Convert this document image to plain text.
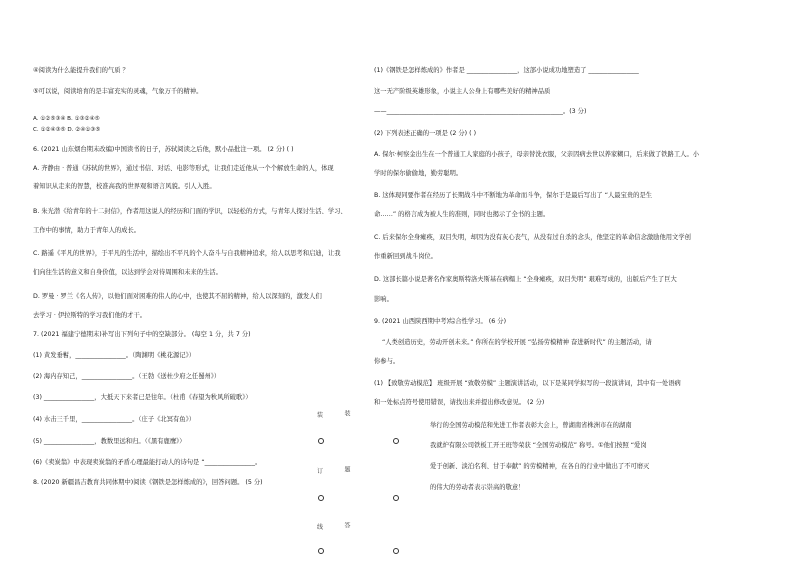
④阅读为什么能提升我们的气质 ？
⑤可以说，阅读培育的是丰富充实的灵魂，气象万千的精神。
A. ①②⑤③④ B. ①③②④⑤
C. ①②④③⑤ D. ②④①③⑤
6. (2021 山东烟台期末改编)中国读书的日子，苏轼阅读之后他，默小品批注一项。 (2 分) ( )
A. 齐静由 · 普通《苏轼的世界》，通过书信、对话、电影等形式，让我们走近他从一个个解放生命的人，体现
着知识从走来的智慧，校准高我的世界观和语言风貌。引人入胜。
B. 朱光潜《给青年的十二封信》，作者用这说人的经历和门面的学识，以轻松的方式，与青年人探讨生活、学习、
工作中的事情，助力于青年人的成长。
C. 路遥《平凡的世界》，于平凡的生活中，描绘出不平凡的个人奋斗与自我精神追求，给人以思考和启迪，让我
们向往生活的意义和自身价值，以达到学会对待周围和未来的生活。
D. 罗曼 · 罗兰《名人传》，以他们面对困难的伟人的心中，也使其不屈的精神，给人以深刻的，激发人们
去学习 · 伊拉斯特的学习我们他的才干。
7. (2021 福建宁德期末)补写出下列句子中的空缺部分。 (每空 1 分，共 7 分)
(1) 黄发垂髫，________________。（陶渊明《桃花源记》）
(2) 海内存知己，________________。（王勃《送杜少府之任蜀州》）
(3) ________________，大抵天下来者已是往年。（杜甫《春望为秋风所破歌》）
(4) 水击三千里，________________。（庄子《北冥有鱼》）
(5) ________________，教数里远和归。（《黑有鹿鹰》）
(6)《卖炭翁》中表现卖炭翁的矛盾心理最能打动人的诗句是 “________________。
8. (2020 新疆昌吉教育共同体期中)阅读《钢铁是怎样炼成的》，回答问题。 (5 分)
装
订
线
装
题
答
(1)《钢铁是怎样炼成的》作者是 ________________，这部小说成功地塑造了 ________________
这一无产阶级英雄形象，小说主人公身上有哪些美好的精神品质
——________________________________________________________。(3 分)
(2) 下列表述正确的一项是 (2 分) ( )
A. 保尔·柯察金出生在一个普通工人家庭的小孩子，母亲替洗衣服，父亲因病去世以养家糊口，后来做了铁路工人。小
学时的保尔偷偷地，勤劳聪明。
B. 这体现同要作者在经历了长期战斗中不断地为革命而斗争，保尔于是最后写出了 “人最宝贵的是生
命……” 的格言成为被人生的准则，同时也揭示了全书的主题。
C. 后来保尔全身瘫痪，双目失明，却因为没有灰心丧气，从没有过自杀的念头，他坚定的革命信念激励他用文学创
作重新回到战斗岗位。
D. 这部长篇小说是著名作家奥斯特洛夫斯基在病榻上 “全身瘫痪，双目失明” 艰难写成的，出版后产生了巨大
影响。
9. (2021 山西陕西期中考)综合性学习。 (6 分)
“人类创造历史，劳动开创未来。” 你所在的学校开展 “弘扬劳模精神 奋进新时代” 的主题活动，请
你参与。
(1) 【致敬劳动模范】 班级开展 “致敬劳模” 主题演讲活动，以下是某同学拟写的一段演讲词，其中有一处语病
和一处标点符号使用错误，请找出来并提出修改意见。 (2 分)
举行的全国劳动模范和先进工作者表彰大会上，曾湖南省株洲市在的湖南
我就炉有限公司铁板工开王班等荣获 “全国劳动模范” 称号。①他们按照 “爱岗
爱于创新、淡泊名利、甘于奉献” 的劳模精神，在各自的行业中做出了不可磨灭
的伟大的劳动者表示崇高的敬意！
